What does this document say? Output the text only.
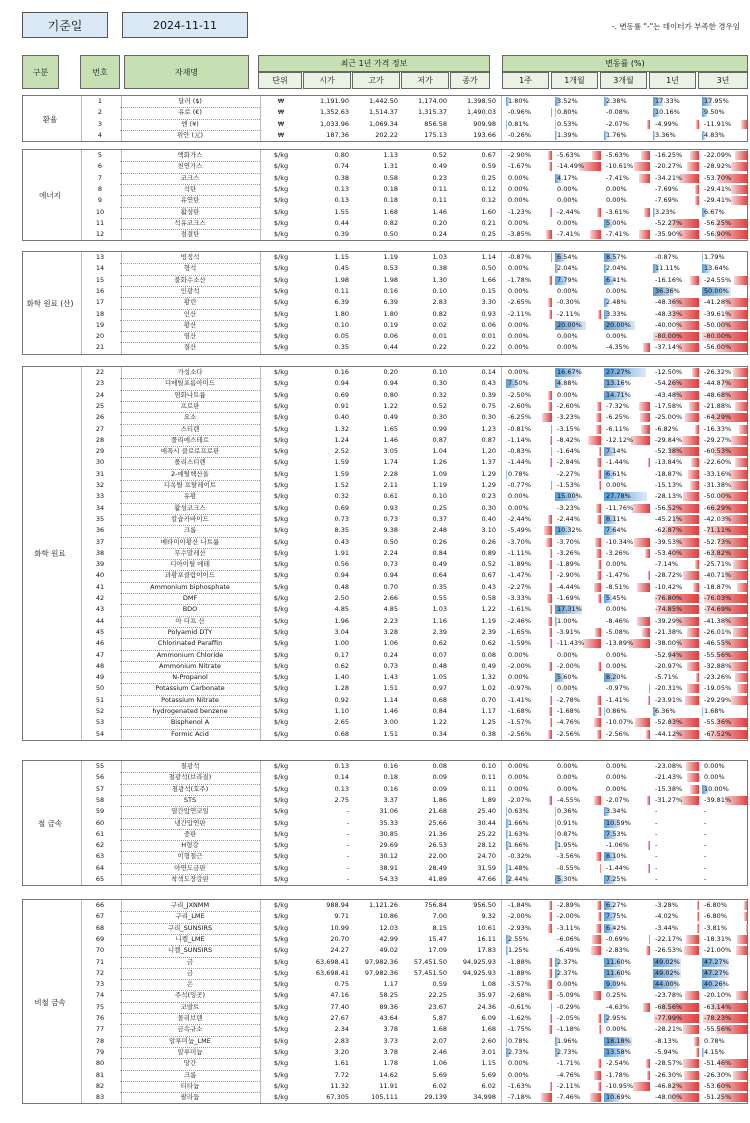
기준일	2024-11-11	-. 변동률 "-"는 데이터가 부족한 경우임
구분	번호	자재명
최근 1년 가격 정보
단위	시가	고가	저가	종가
변동률 (%)
1주	1개월	3개월	1년	3년
환율
1	달러 ($)	₩	1,191.90	1,442.50	1,174.00	1,398.50	1.80%	3.52%	2.38%	17.33%	17.95%
2	유로 (€)	₩	1,352.63	1,514.37	1,315.37	1,490.03	-0.96%	0.80%	-0.08%	10.16%	9.50%
3	엔 (¥)	₩	1,033.96	1,069.34	856.58	909.98	0.81%	0.53%	-2.07%	-4.99%	-11.91%
4	위안 (元)	₩	187.36	202.22	175.13	193.66	-0.26%	1.39%	1.76%	3.36%	4.83%
에너지
5	액화가스	$/kg	0.80	1.13	0.52	0.67	-2.90%	-5.63%	-5.63%	-16.25%	-22.09%
6	천연가스	$/kg	0.74	1.31	0.49	0.59	-1.67%	-14.49%	-10.61%	-20.27%	-28.92%
7	코크스	$/kg	0.38	0.58	0.23	0.25	0.00%	4.17%	-7.41%	-34.21%	-53.70%
8	석탄	$/kg	0.13	0.18	0.11	0.12	0.00%	0.00%	0.00%	-7.69%	-29.41%
9	유연탄	$/kg	0.13	0.18	0.11	0.12	0.00%	0.00%	0.00%	-7.69%	-29.41%
10	활성탄	$/kg	1.55	1.68	1.46	1.60	-1.23%	-2.44%	-3.61%	3.23%	6.67%
11	석유코크스	$/kg	0.44	0.82	0.20	0.21	0.00%	0.00%	5.00%	-52.27%	-56.25%
12	점결탄	$/kg	0.39	0.50	0.24	0.25	-3.85%	-7.41%	-7.41%	-35.90%	-56.90%
화학 원료 (산)
13	빙정석	$/kg	1.15	1.19	1.03	1.14	-0.87%	6.54%	8.57%	-0.87%	1.79%
14	형석	$/kg	0.45	0.53	0.38	0.50	0.00%	2.04%	2.04%	11.11%	13.64%
15	불화수소산	$/kg	1.98	1.98	1.30	1.66	-1.78%	7.79%	6.41%	-16.16%	-24.55%
16	인광석	$/kg	0.11	0.16	0.10	0.15	0.00%	0.00%	0.00%	36.36%	50.00%
17	황린	$/kg	6.39	6.39	2.83	3.30	-2.65%	-0.30%	2.48%	-48.36%	-41.28%
18	인산	$/kg	1.80	1.80	0.82	0.93	-2.11%	-2.11%	3.33%	-48.33%	-39.61%
19	황산	$/kg	0.10	0.19	0.02	0.06	0.00%	20.00%	20.00%	-40.00%	-50.00%
20	염산	$/kg	0.05	0.06	0.01	0.01	0.00%	0.00%	0.00%	-80.00%	-80.00%
21	질산	$/kg	0.35	0.44	0.22	0.22	0.00%	0.00%	-4.35%	-37.14%	-56.00%
화학 원료
22	가성소다	$/kg	0.16	0.20	0.10	0.14	0.00%	16.67%	27.27%	-12.50%	-26.32%
23	디메틸포름아미드	$/kg	0.94	0.94	0.30	0.43	7.50%	4.88%	13.16%	-54.26%	-44.87%
24	염화나트륨	$/kg	0.69	0.80	0.32	0.39	-2.50%	0.00%	14.71%	-43.48%	-48.68%
25	프로판	$/kg	0.91	1.22	0.52	0.75	-2.60%	-2.60%	-7.32%	-17.58%	-21.88%
26	요소	$/kg	0.40	0.49	0.30	0.30	-6.25%	-3.23%	-6.25%	-25.00%	-64.29%
27	스티렌	$/kg	1.32	1.65	0.99	1.23	-0.81%	-3.15%	-6.11%	-6.82%	-16.33%
28	폴리에스테르	$/kg	1.24	1.46	0.87	0.87	-1.14%	-8.42%	-12.12%	-29.84%	-29.27%
29	에폭시 클로로프로판	$/kg	2.52	3.05	1.04	1.20	-0.83%	-1.64%	7.14%	-52.38%	-60.53%
30	폴리스티렌	$/kg	1.59	1.74	1.26	1.37	-1.44%	-2.84%	-1.44%	-13.84%	-22.60%
31	2-에틸헥산올	$/kg	1.59	2.28	1.09	1.29	0.78%	-2.27%	6.61%	-18.87%	-33.16%
32	디옥틸 프탈레이트	$/kg	1.52	2.11	1.19	1.29	-0.77%	-1.53%	0.00%	-15.13%	-31.38%
33	유황	$/kg	0.32	0.61	0.10	0.23	0.00%	15.00%	27.78%	-28.13%	-50.00%
34	활성코크스	$/kg	0.69	0.93	0.25	0.30	0.00%	-3.23%	-11.76%	-56.52%	-66.29%
35	칼슘카바이드	$/kg	0.73	0.73	0.37	0.40	-2.44%	-2.44%	8.11%	-45.21%	-42.03%
36	크롬	$/kg	8.35	9.38	2.48	3.10	-5.49%	10.32%	7.64%	-62.87%	-71.11%
37	메타미아황산 나트륨	$/kg	0.43	0.50	0.26	0.26	-3.70%	-3.70%	-10.34%	-39.53%	-52.73%
38	무수말레산	$/kg	1.91	2.24	0.84	0.89	-1.11%	-3.26%	-3.26%	-53.40%	-63.82%
39	디아이틸 에테	$/kg	0.56	0.73	0.49	0.52	-1.89%	-1.89%	0.00%	-7.14%	-25.71%
40	과황포클람이이드	$/kg	0.94	0.94	0.64	0.67	-1.47%	-2.90%	-1.47%	-28.72%	-40.71%
41	Ammonium biphosphate	$/kg	0.48	0.70	0.35	0.43	-2.27%	-4.44%	-8.51%	-10.42%	-18.87%
42	DMF	$/kg	2.50	2.66	0.55	0.58	-3.33%	-1.69%	5.45%	-76.80%	-76.03%
43	BDO	$/kg	4.85	4.85	1.03	1.22	-1.61%	17.31%	0.00%	-74.85%	-74.69%
44	아 디프 산	$/kg	1.96	2.23	1.16	1.19	-2.46%	1.00%	-8.46%	-39.29%	-41.38%
45	Polyamid DTY	$/kg	3.04	3.28	2.39	2.39	-1.65%	-3.91%	-5.08%	-21.38%	-26.01%
46	Chlorinated Paraffin	$/kg	1.00	1.06	0.62	0.62	-1.59%	-11.43%	-13.89%	-38.00%	-46.55%
47	Ammonium Chloride	$/kg	0.17	0.24	0.07	0.08	0.00%	0.00%	0.00%	-52.94%	-55.56%
48	Ammonium Nitrate	$/kg	0.62	0.73	0.48	0.49	-2.00%	-2.00%	0.00%	-20.97%	-32.88%
49	N-Propanol	$/kg	1.40	1.43	1.05	1.32	0.00%	5.60%	8.20%	-5.71%	-23.26%
50	Potassium Carbonate	$/kg	1.28	1.51	0.97	1.02	-0.97%	0.00%	-0.97%	-20.31%	-19.05%
51	Potassium Nitrate	$/kg	0.92	1.14	0.68	0.70	-1.41%	-2.78%	-1.41%	-23.91%	-29.29%
52	hydrogenated benzene	$/kg	1.10	1.46	0.84	1.17	-1.68%	-1.68%	0.86%	6.36%	1.68%
53	Bisphenol A	$/kg	2.65	3.00	1.22	1.25	-1.57%	-4.76%	-10.07%	-52.83%	-55.36%
54	Formic Acid	$/kg	0.68	1.51	0.34	0.38	-2.56%	-2.56%	-2.56%	-44.12%	-67.52%
철 금속
55	철광석	$/kg	0.13	0.16	0.08	0.10	0.00%	0.00%	0.00%	-23.08%	0.00%
56	철광석(브라질)	$/kg	0.14	0.18	0.09	0.11	0.00%	0.00%	0.00%	-21.43%	0.00%
57	철광석(호주)	$/kg	0.13	0.16	0.09	0.11	0.00%	0.00%	0.00%	-15.38%	10.00%
58	STS	$/kg	2.75	3.37	1.86	1.89	-2.07%	-4.55%	-2.07%	-31.27%	-39.81%
59	열간압연코일	$/kg	-	31.06	21.68	25.40	0.63%	0.36%	3.34%	-	-
60	냉간압연판	$/kg	-	35.33	25.66	30.44	1.66%	0.91%	10.59%	-	-
61	중판	$/kg	-	30.85	21.36	25.22	1.63%	0.87%	7.53%	-	-
62	H형강	$/kg	-	29.69	26.53	28.12	1.66%	1.95%	-1.06%	-	-
63	이형철근	$/kg	-	30.12	22.00	24.70	-0.32%	-3.56%	8.10%	-	-
64	아연도금판	$/kg	-	38.91	28.49	31.59	1.48%	-0.55%	-1.44%	-	-
65	착색도장강판	$/kg	-	54.33	41.89	47.66	2.44%	5.30%	7.25%	-	-
비철 금속
66	구리_JXNMM	$/kg	988.94	1,121.26	756.84	956.50	-1.84%	-2.89%	6.27%	-3.28%	-6.80%
67	구리_LME	$/kg	9.71	10.86	7.00	9.32	-2.00%	-2.00%	7.75%	-4.02%	-6.80%
68	구리_SUNSIRS	$/kg	10.99	12.03	8.15	10.61	-2.93%	-3.11%	6.42%	-3.44%	-3.81%
69	니켈_LME	$/kg	20.70	42.99	15.47	16.11	2.55%	-6.06%	-0.69%	-22.17%	-18.31%
70	니켈_SUNSIRS	$/kg	24.27	49.02	17.09	17.83	1.25%	-6.49%	-2.83%	-26.53%	-21.00%
71	금	$/kg	63,698.41	97,982.36	57,451.50	94,925.93	-1.88%	2.37%	11.60%	49.02%	47.27%
72	금	$/kg	63,698.41	97,982.36	57,451.50	94,925.93	-1.88%	2.37%	11.60%	49.02%	47.27%
73	은	$/kg	0.75	1.17	0.59	1.08	-3.57%	0.00%	9.09%	44.00%	40.26%
74	주석(잉곳)	$/kg	47.16	58.25	22.25	35.97	-2.68%	-5.09%	0.25%	-23.78%	-20.10%
75	코발트	$/kg	77.40	89.36	23.67	24.36	-0.61%	-0.29%	-4.63%	-68.56%	-63.14%
76	몰리브덴	$/kg	27.67	43.64	5.87	6.09	-1.62%	-2.05%	2.95%	-77.99%	-78.23%
77	금속규소	$/kg	2.34	3.78	1.68	1.68	-1.75%	-1.18%	0.00%	-28.21%	-55.56%
78	알루미늄_LME	$/kg	2.83	3.73	2.07	2.60	0.78%	1.96%	18.18%	-8.13%	0.78%
79	알루미늄	$/kg	3.20	3.78	2.46	3.01	2.73%	2.73%	13.58%	-5.94%	4.15%
80	망간	$/kg	1.61	1.78	1.06	1.15	0.00%	-1.71%	-2.54%	-28.57%	-51.46%
81	크롬	$/kg	7.72	14.62	5.69	5.69	0.00%	-4.76%	-1.78%	-26.30%	-26.30%
82	티타늄	$/kg	11.32	11.91	6.02	6.02	-1.63%	-2.11%	-10.95%	-46.82%	-53.60%
83	팔라듐	$/kg	67,305	105,111	29,139	34,998	-7.18%	-7.46%	10.69%	-48.00%	-51.25%
